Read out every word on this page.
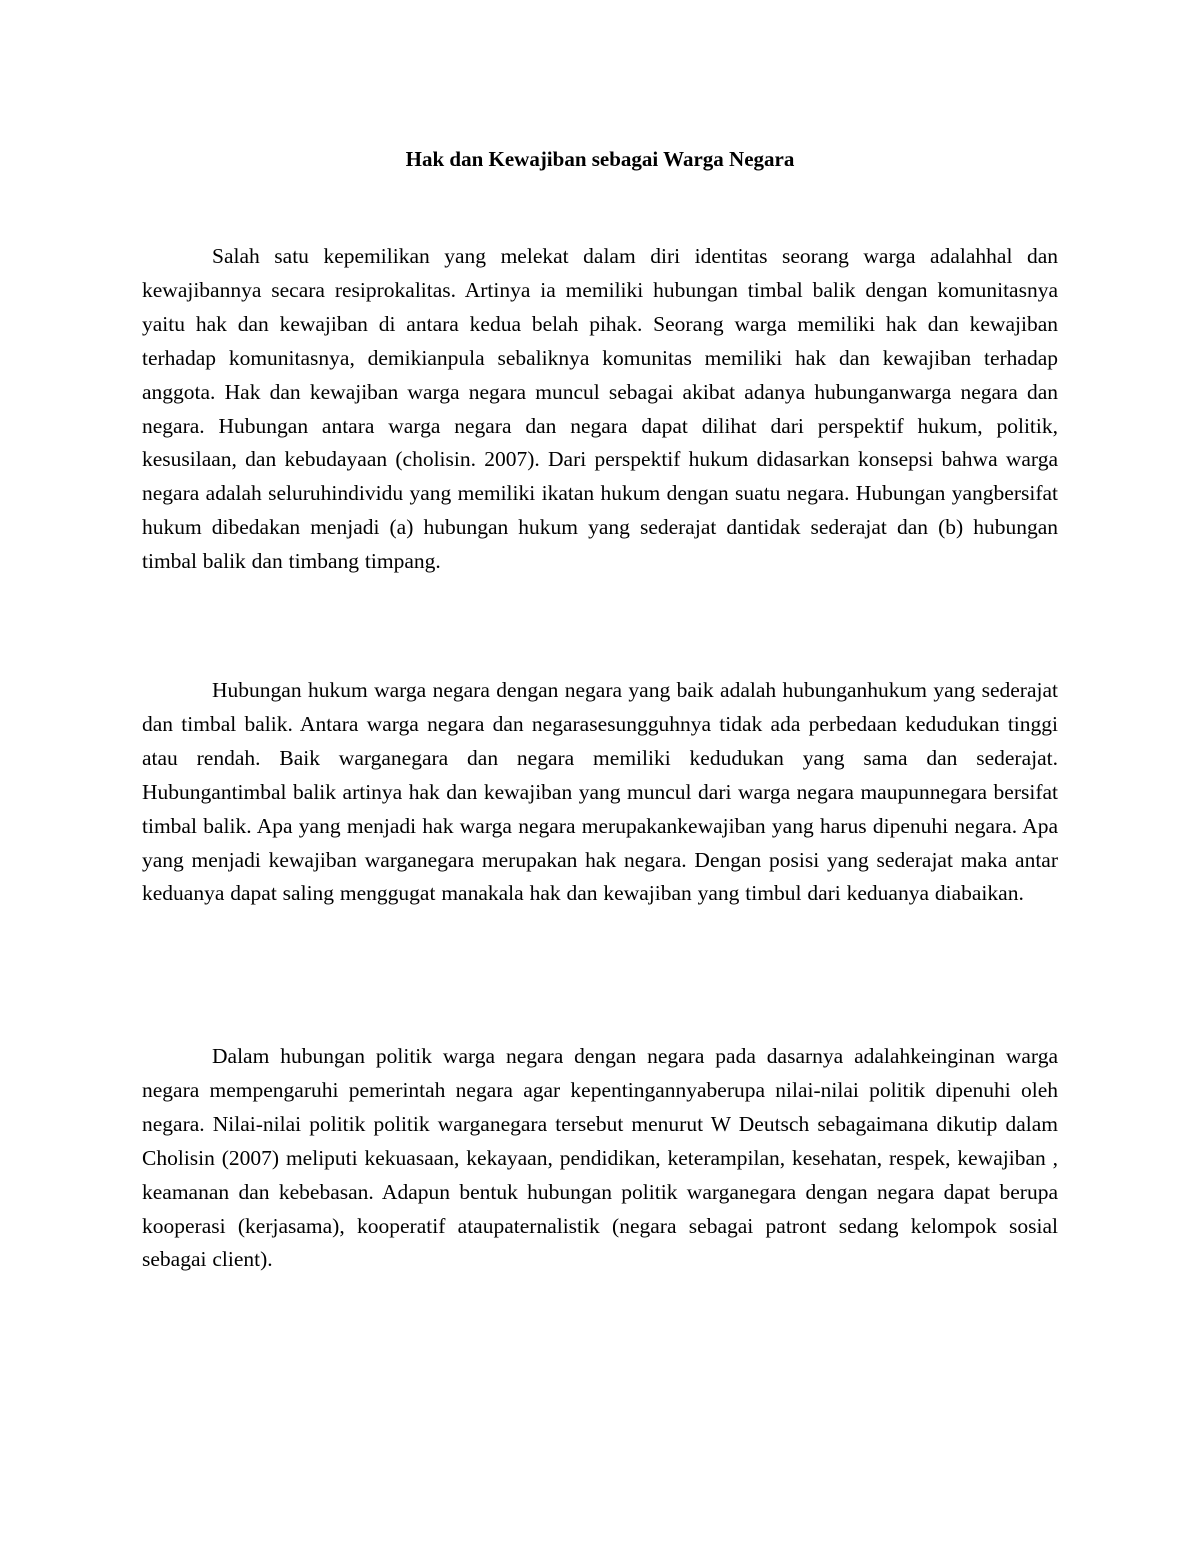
Hak dan Kewajiban sebagai Warga Negara

Salah satu kepemilikan yang melekat dalam diri identitas seorang warga adalahhal dan kewajibannya secara resiprokalitas. Artinya ia memiliki hubungan timbal balik dengan komunitasnya yaitu hak dan kewajiban di antara kedua belah pihak. Seorang warga memiliki hak dan kewajiban terhadap komunitasnya, demikianpula sebaliknya komunitas memiliki hak dan kewajiban terhadap anggota. Hak dan kewajiban warga negara muncul sebagai akibat adanya hubunganwarga negara dan negara. Hubungan antara warga negara dan negara dapat dilihat dari perspektif hukum, politik, kesusilaan, dan kebudayaan (cholisin. 2007). Dari perspektif hukum didasarkan konsepsi bahwa warga negara adalah seluruhindividu yang memiliki ikatan hukum dengan suatu negara. Hubungan yangbersifat hukum dibedakan menjadi (a) hubungan hukum yang sederajat dantidak sederajat dan (b) hubungan timbal balik dan timbang timpang.

Hubungan hukum warga negara dengan negara yang baik adalah hubunganhukum yang sederajat dan timbal balik. Antara warga negara dan negarasesungguhnya tidak ada perbedaan kedudukan tinggi atau rendah. Baik warganegara dan negara memiliki kedudukan yang sama dan sederajat. Hubungantimbal balik artinya hak dan kewajiban yang muncul dari warga negara maupunnegara bersifat timbal balik. Apa yang menjadi hak warga negara merupakankewajiban yang harus dipenuhi negara. Apa yang menjadi kewajiban warganegara merupakan hak negara. Dengan posisi yang sederajat maka antar keduanya dapat saling menggugat manakala hak dan kewajiban yang timbul dari keduanya diabaikan.

Dalam hubungan politik warga negara dengan negara pada dasarnya adalahkeinginan warga negara mempengaruhi pemerintah negara agar kepentingannyaberupa nilai-nilai politik dipenuhi oleh negara. Nilai-nilai politik politik warganegara tersebut menurut W Deutsch sebagaimana dikutip dalam Cholisin (2007) meliputi kekuasaan, kekayaan, pendidikan, keterampilan, kesehatan, respek, kewajiban , keamanan dan kebebasan. Adapun bentuk hubungan politik warganegara dengan negara dapat berupa kooperasi (kerjasama), kooperatif ataupaternalistik (negara sebagai patront sedang kelompok sosial sebagai client).
